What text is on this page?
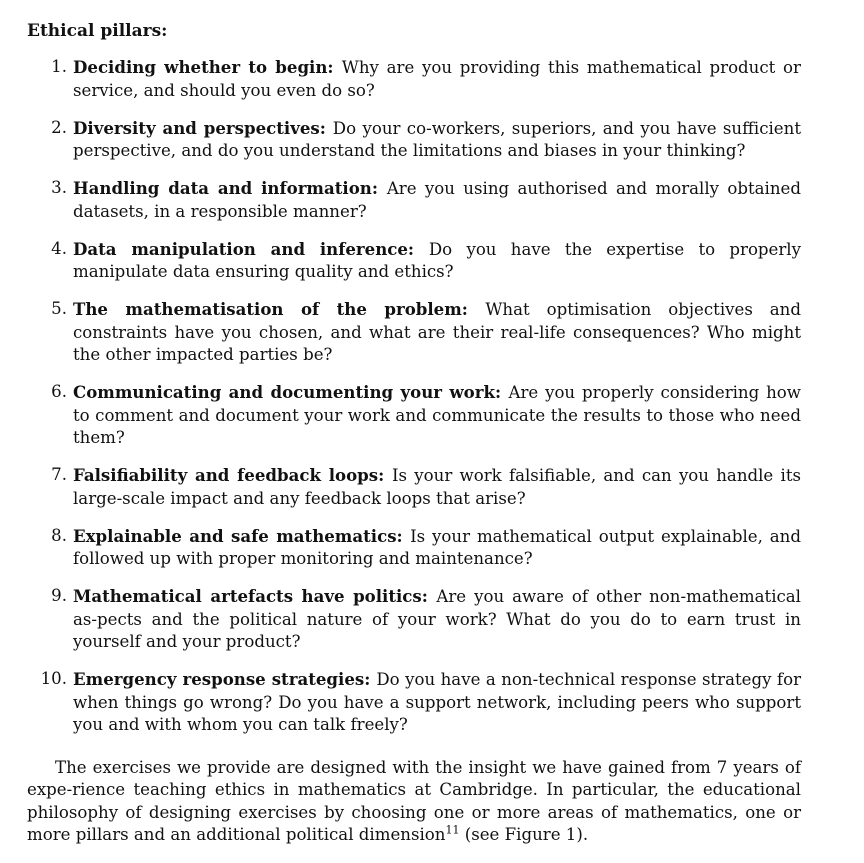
Ethical pillars:
1. Deciding whether to begin: Why are you providing this mathematical product or service, and should you even do so?
2. Diversity and perspectives: Do your co-workers, superiors, and you have sufficient perspective, and do you understand the limitations and biases in your thinking?
3. Handling data and information: Are you using authorised and morally obtained datasets, in a responsible manner?
4. Data manipulation and inference: Do you have the expertise to properly manipulate data ensuring quality and ethics?
5. The mathematisation of the problem: What optimisation objectives and constraints have you chosen, and what are their real-life consequences? Who might the other impacted parties be?
6. Communicating and documenting your work: Are you properly considering how to comment and document your work and communicate the results to those who need them?
7. Falsifiability and feedback loops: Is your work falsifiable, and can you handle its large-scale impact and any feedback loops that arise?
8. Explainable and safe mathematics: Is your mathematical output explainable, and followed up with proper monitoring and maintenance?
9. Mathematical artefacts have politics: Are you aware of other non-mathematical as-pects and the political nature of your work? What do you do to earn trust in yourself and your product?
10. Emergency response strategies: Do you have a non-technical response strategy for when things go wrong? Do you have a support network, including peers who support you and with whom you can talk freely?

The exercises we provide are designed with the insight we have gained from 7 years of expe-rience teaching ethics in mathematics at Cambridge. In particular, the educational philosophy of designing exercises by choosing one or more areas of mathematics, one or more pillars and an additional political dimension$^{11}$ (see Figure 1).
